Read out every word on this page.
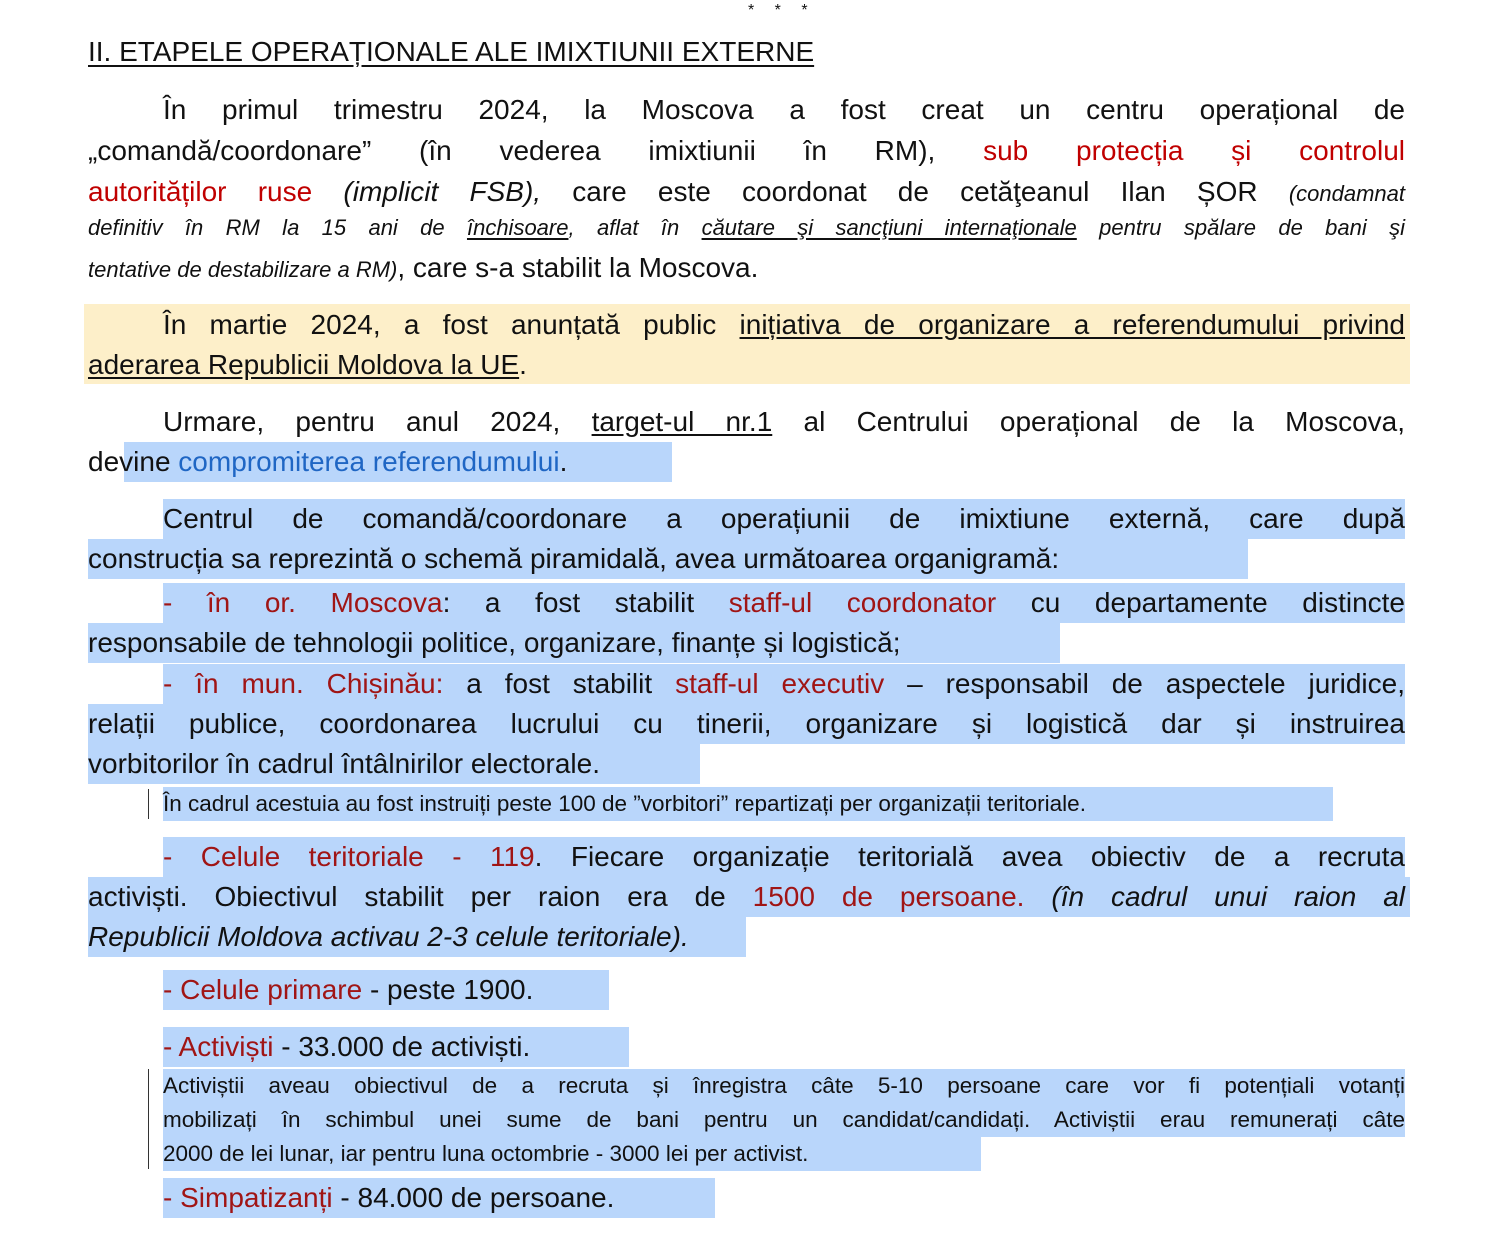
* * *
II. ETAPELE OPERAȚIONALE ALE IMIXTIUNII EXTERNE
În primul trimestru 2024, la Moscova a fost creat un centru operațional de
„comandă/coordonare” (în vederea imixtiunii în RM), sub protecția și controlul
autorităților ruse (implicit FSB), care este coordonat de cetăţeanul Ilan ȘOR (condamnat
definitiv în RM la 15 ani de închisoare, aflat în căutare şi sancţiuni internaţionale pentru spălare de bani şi
tentative de destabilizare a RM), care s-a stabilit la Moscova.
În martie 2024, a fost anunțată public inițiativa de organizare a referendumului privind
aderarea Republicii Moldova la UE.
Urmare, pentru anul 2024, target-ul nr.1 al Centrului operațional de la Moscova,
devine compromiterea referendumului.
Centrul de comandă/coordonare a operațiunii de imixtiune externă, care după
construcția sa reprezintă o schemă piramidală, avea următoarea organigramă:
- în or. Moscova: a fost stabilit staff-ul coordonator cu departamente distincte
responsabile de tehnologii politice, organizare, finanțe și logistică;
- în mun. Chișinău: a fost stabilit staff-ul executiv – responsabil de aspectele juridice,
relații publice, coordonarea lucrului cu tinerii, organizare și logistică dar și instruirea
vorbitorilor în cadrul întâlnirilor electorale.
În cadrul acestuia au fost instruiți peste 100 de ”vorbitori” repartizați per organizații teritoriale.
- Celule teritoriale - 119. Fiecare organizație teritorială avea obiectiv de a recruta
activiști. Obiectivul stabilit per raion era de 1500 de persoane. (în cadrul unui raion al
Republicii Moldova activau 2-3 celule teritoriale).
- Celule primare - peste 1900.
- Activiști - 33.000 de activiști.
Activiștii aveau obiectivul de a recruta și înregistra câte 5-10 persoane care vor fi potențiali votanți
mobilizați în schimbul unei sume de bani pentru un candidat/candidați. Activiștii erau remunerați câte
2000 de lei lunar, iar pentru luna octombrie - 3000 lei per activist.
- Simpatizanți - 84.000 de persoane.
